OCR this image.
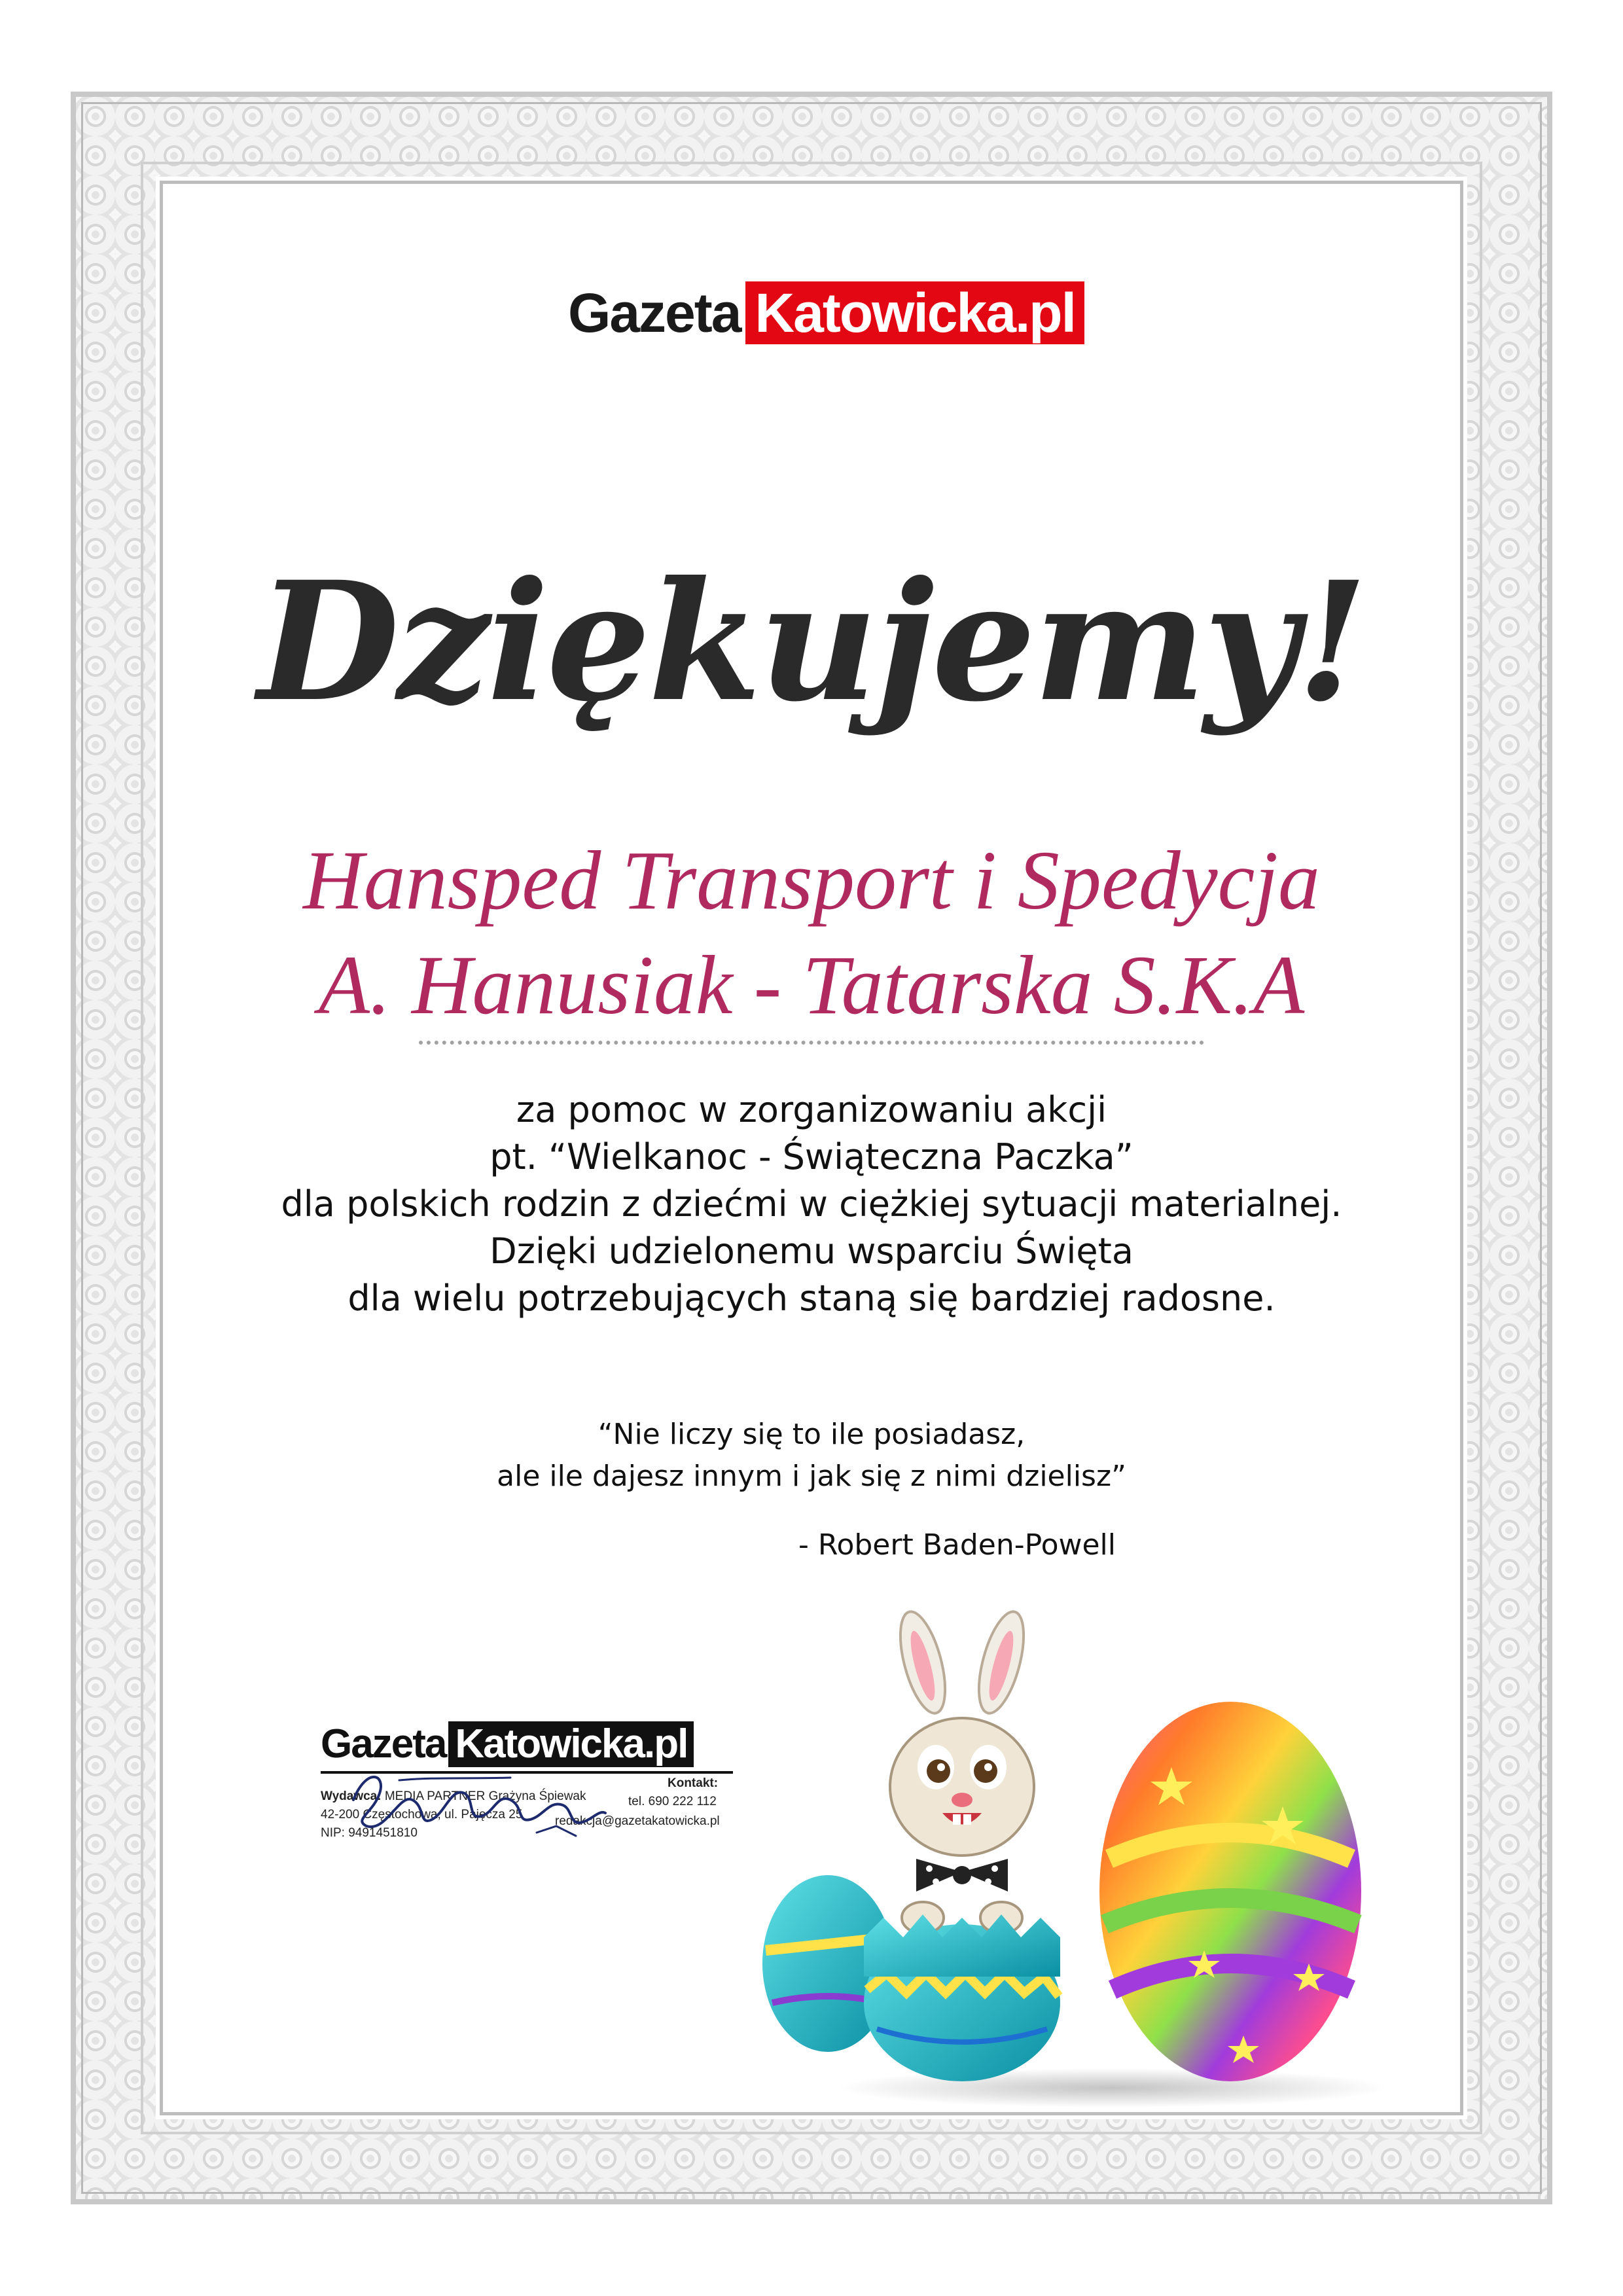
Gazeta Katowicka.pl
Dziękujemy!
Hansped Transport i Spedycja
A. Hanusiak - Tatarska S.K.A
za pomoc w zorganizowaniu akcji
pt. “Wielkanoc - Świąteczna Paczka”
dla polskich rodzin z dziećmi w ciężkiej sytuacji materialnej.
Dzięki udzielonemu wsparciu Święta
dla wielu potrzebujących staną się bardziej radosne.
“Nie liczy się to ile posiadasz,
ale ile dajesz innym i jak się z nimi dzielisz”
- Robert Baden-Powell
Gazeta Katowicka.pl
Wydawca: MEDIA PARTNER Grażyna Śpiewak
42-200 Częstochowa, ul. Pajęcza 25
NIP: 9491451810
Kontakt:
tel. 690 222 112
redakcja@gazetakatowicka.pl
